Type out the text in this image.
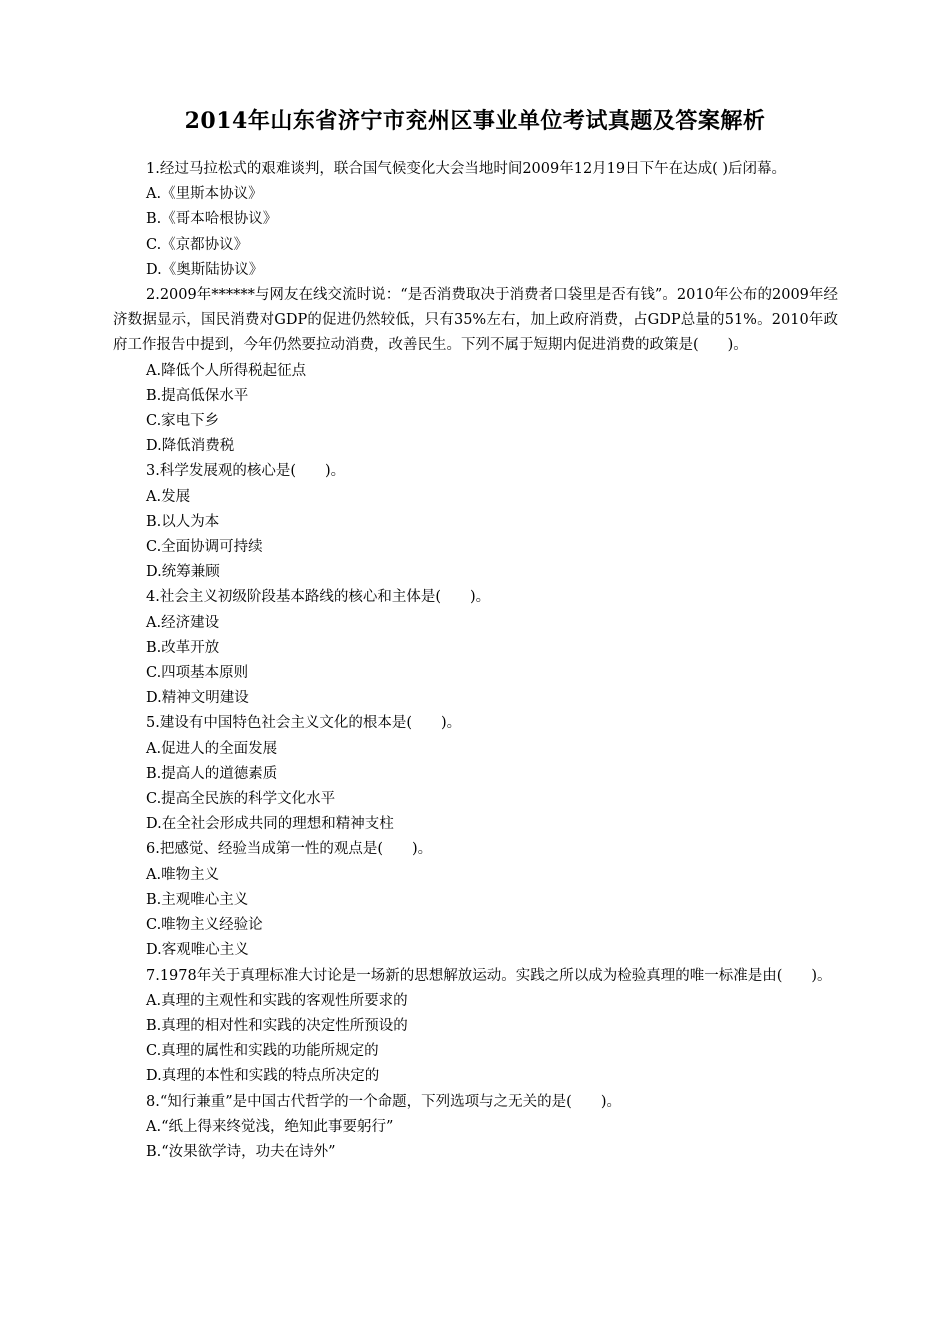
2014年山东省济宁市兖州区事业单位考试真题及答案解析

1.经过马拉松式的艰难谈判，联合国气候变化大会当地时间2009年12月19日下午在达成( )后闭幕。

A.《里斯本协议》

B.《哥本哈根协议》

C.《京都协议》

D.《奥斯陆协议》

2.2009年******与网友在线交流时说：“是否消费取决于消费者口袋里是否有钱”。2010年公布的2009年经济数据显示，国民消费对GDP的促进仍然较低，只有35%左右，加上政府消费，占GDP总量的51%。2010年政府工作报告中提到，今年仍然要拉动消费，改善民生。下列不属于短期内促进消费的政策是(　　)。

A.降低个人所得税起征点

B.提高低保水平

C.家电下乡

D.降低消费税

3.科学发展观的核心是(　　)。

A.发展

B.以人为本

C.全面协调可持续

D.统筹兼顾

4.社会主义初级阶段基本路线的核心和主体是(　　)。

A.经济建设

B.改革开放

C.四项基本原则

D.精神文明建设

5.建设有中国特色社会主义文化的根本是(　　)。

A.促进人的全面发展

B.提高人的道德素质

C.提高全民族的科学文化水平

D.在全社会形成共同的理想和精神支柱

6.把感觉、经验当成第一性的观点是(　　)。

A.唯物主义

B.主观唯心主义

C.唯物主义经验论

D.客观唯心主义

7.1978年关于真理标准大讨论是一场新的思想解放运动。实践之所以成为检验真理的唯一标准是由(　　)。

A.真理的主观性和实践的客观性所要求的

B.真理的相对性和实践的决定性所预设的

C.真理的属性和实践的功能所规定的

D.真理的本性和实践的特点所决定的

8.“知行兼重”是中国古代哲学的一个命题，下列选项与之无关的是(　　)。

A.“纸上得来终觉浅，绝知此事要躬行”

B.“汝果欲学诗，功夫在诗外”
